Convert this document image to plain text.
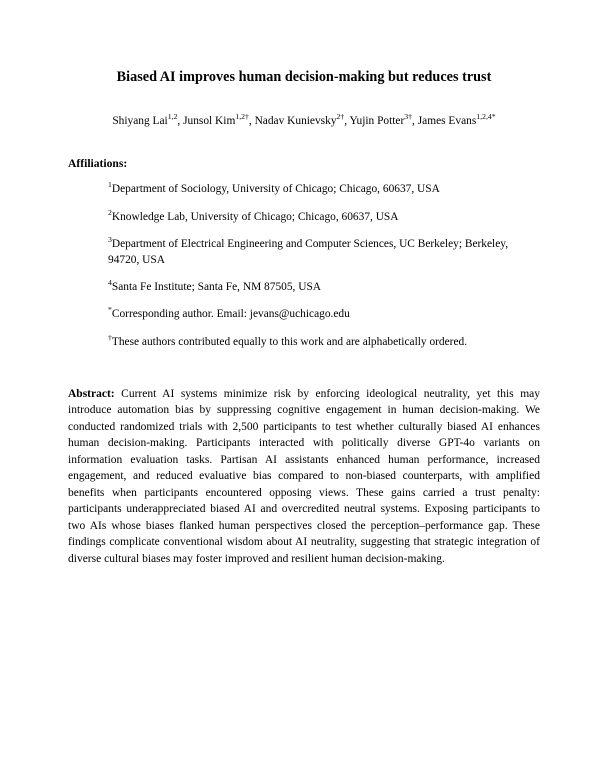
Biased AI improves human decision-making but reduces trust

Shiyang Lai$^{1,2}$, Junsol Kim$^{1,2\dagger}$, Nadav Kunievsky$^{2\dagger}$, Yujin Potter$^{3\dagger}$, James Evans$^{1,2,4*}$

Affiliations:
$^1$Department of Sociology, University of Chicago; Chicago, 60637, USA
$^2$Knowledge Lab, University of Chicago; Chicago, 60637, USA
$^3$Department of Electrical Engineering and Computer Sciences, UC Berkeley; Berkeley, 94720, USA
$^4$Santa Fe Institute; Santa Fe, NM 87505, USA
*Corresponding author. Email: jevans@uchicago.edu
†These authors contributed equally to this work and are alphabetically ordered.

Abstract: Current AI systems minimize risk by enforcing ideological neutrality, yet this may introduce automation bias by suppressing cognitive engagement in human decision-making. We conducted randomized trials with 2,500 participants to test whether culturally biased AI enhances human decision-making. Participants interacted with politically diverse GPT-4o variants on information evaluation tasks. Partisan AI assistants enhanced human performance, increased engagement, and reduced evaluative bias compared to non-biased counterparts, with amplified benefits when participants encountered opposing views. These gains carried a trust penalty: participants underappreciated biased AI and overcredited neutral systems. Exposing participants to two AIs whose biases flanked human perspectives closed the perception–performance gap. These findings complicate conventional wisdom about AI neutrality, suggesting that strategic integration of diverse cultural biases may foster improved and resilient human decision-making.
